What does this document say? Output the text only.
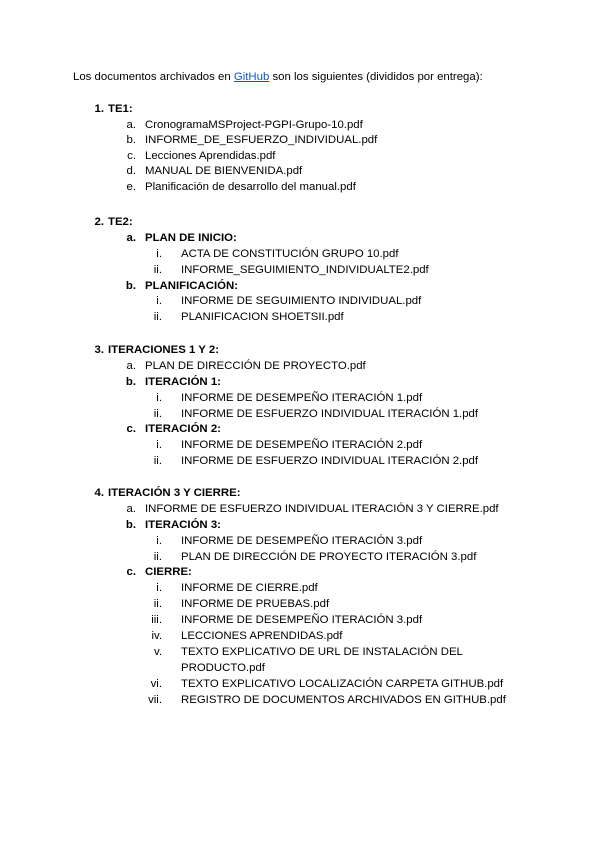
Los documentos archivados en GitHub son los siguientes (divididos por entrega):
1. TE1:
a. CronogramaMSProject-PGPI-Grupo-10.pdf
b. INFORME_DE_ESFUERZO_INDIVIDUAL.pdf
c. Lecciones Aprendidas.pdf
d. MANUAL DE BIENVENIDA.pdf
e. Planificación de desarrollo del manual.pdf
2. TE2:
a. PLAN DE INICIO:
i. ACTA DE CONSTITUCIÓN GRUPO 10.pdf
ii. INFORME_SEGUIMIENTO_INDIVIDUALTE2.pdf
b. PLANIFICACIÓN:
i. INFORME DE SEGUIMIENTO INDIVIDUAL.pdf
ii. PLANIFICACION SHOETSII.pdf
3. ITERACIONES 1 Y 2:
a. PLAN DE DIRECCIÓN DE PROYECTO.pdf
b. ITERACIÓN 1:
i. INFORME DE DESEMPEÑO ITERACIÓN 1.pdf
ii. INFORME DE ESFUERZO INDIVIDUAL ITERACIÓN 1.pdf
c. ITERACIÓN 2:
i. INFORME DE DESEMPEÑO ITERACIÓN 2.pdf
ii. INFORME DE ESFUERZO INDIVIDUAL ITERACIÓN 2.pdf
4. ITERACIÓN 3 Y CIERRE:
a. INFORME DE ESFUERZO INDIVIDUAL ITERACIÓN 3 Y CIERRE.pdf
b. ITERACIÓN 3:
i. INFORME DE DESEMPEÑO ITERACIÓN 3.pdf
ii. PLAN DE DIRECCIÓN DE PROYECTO ITERACIÓN 3.pdf
c. CIERRE:
i. INFORME DE CIERRE.pdf
ii. INFORME DE PRUEBAS.pdf
iii. INFORME DE DESEMPEÑO ITERACIÓN 3.pdf
iv. LECCIONES APRENDIDAS.pdf
v. TEXTO EXPLICATIVO DE URL DE INSTALACIÓN DEL PRODUCTO.pdf
vi. TEXTO EXPLICATIVO LOCALIZACIÓN CARPETA GITHUB.pdf
vii. REGISTRO DE DOCUMENTOS ARCHIVADOS EN GITHUB.pdf
